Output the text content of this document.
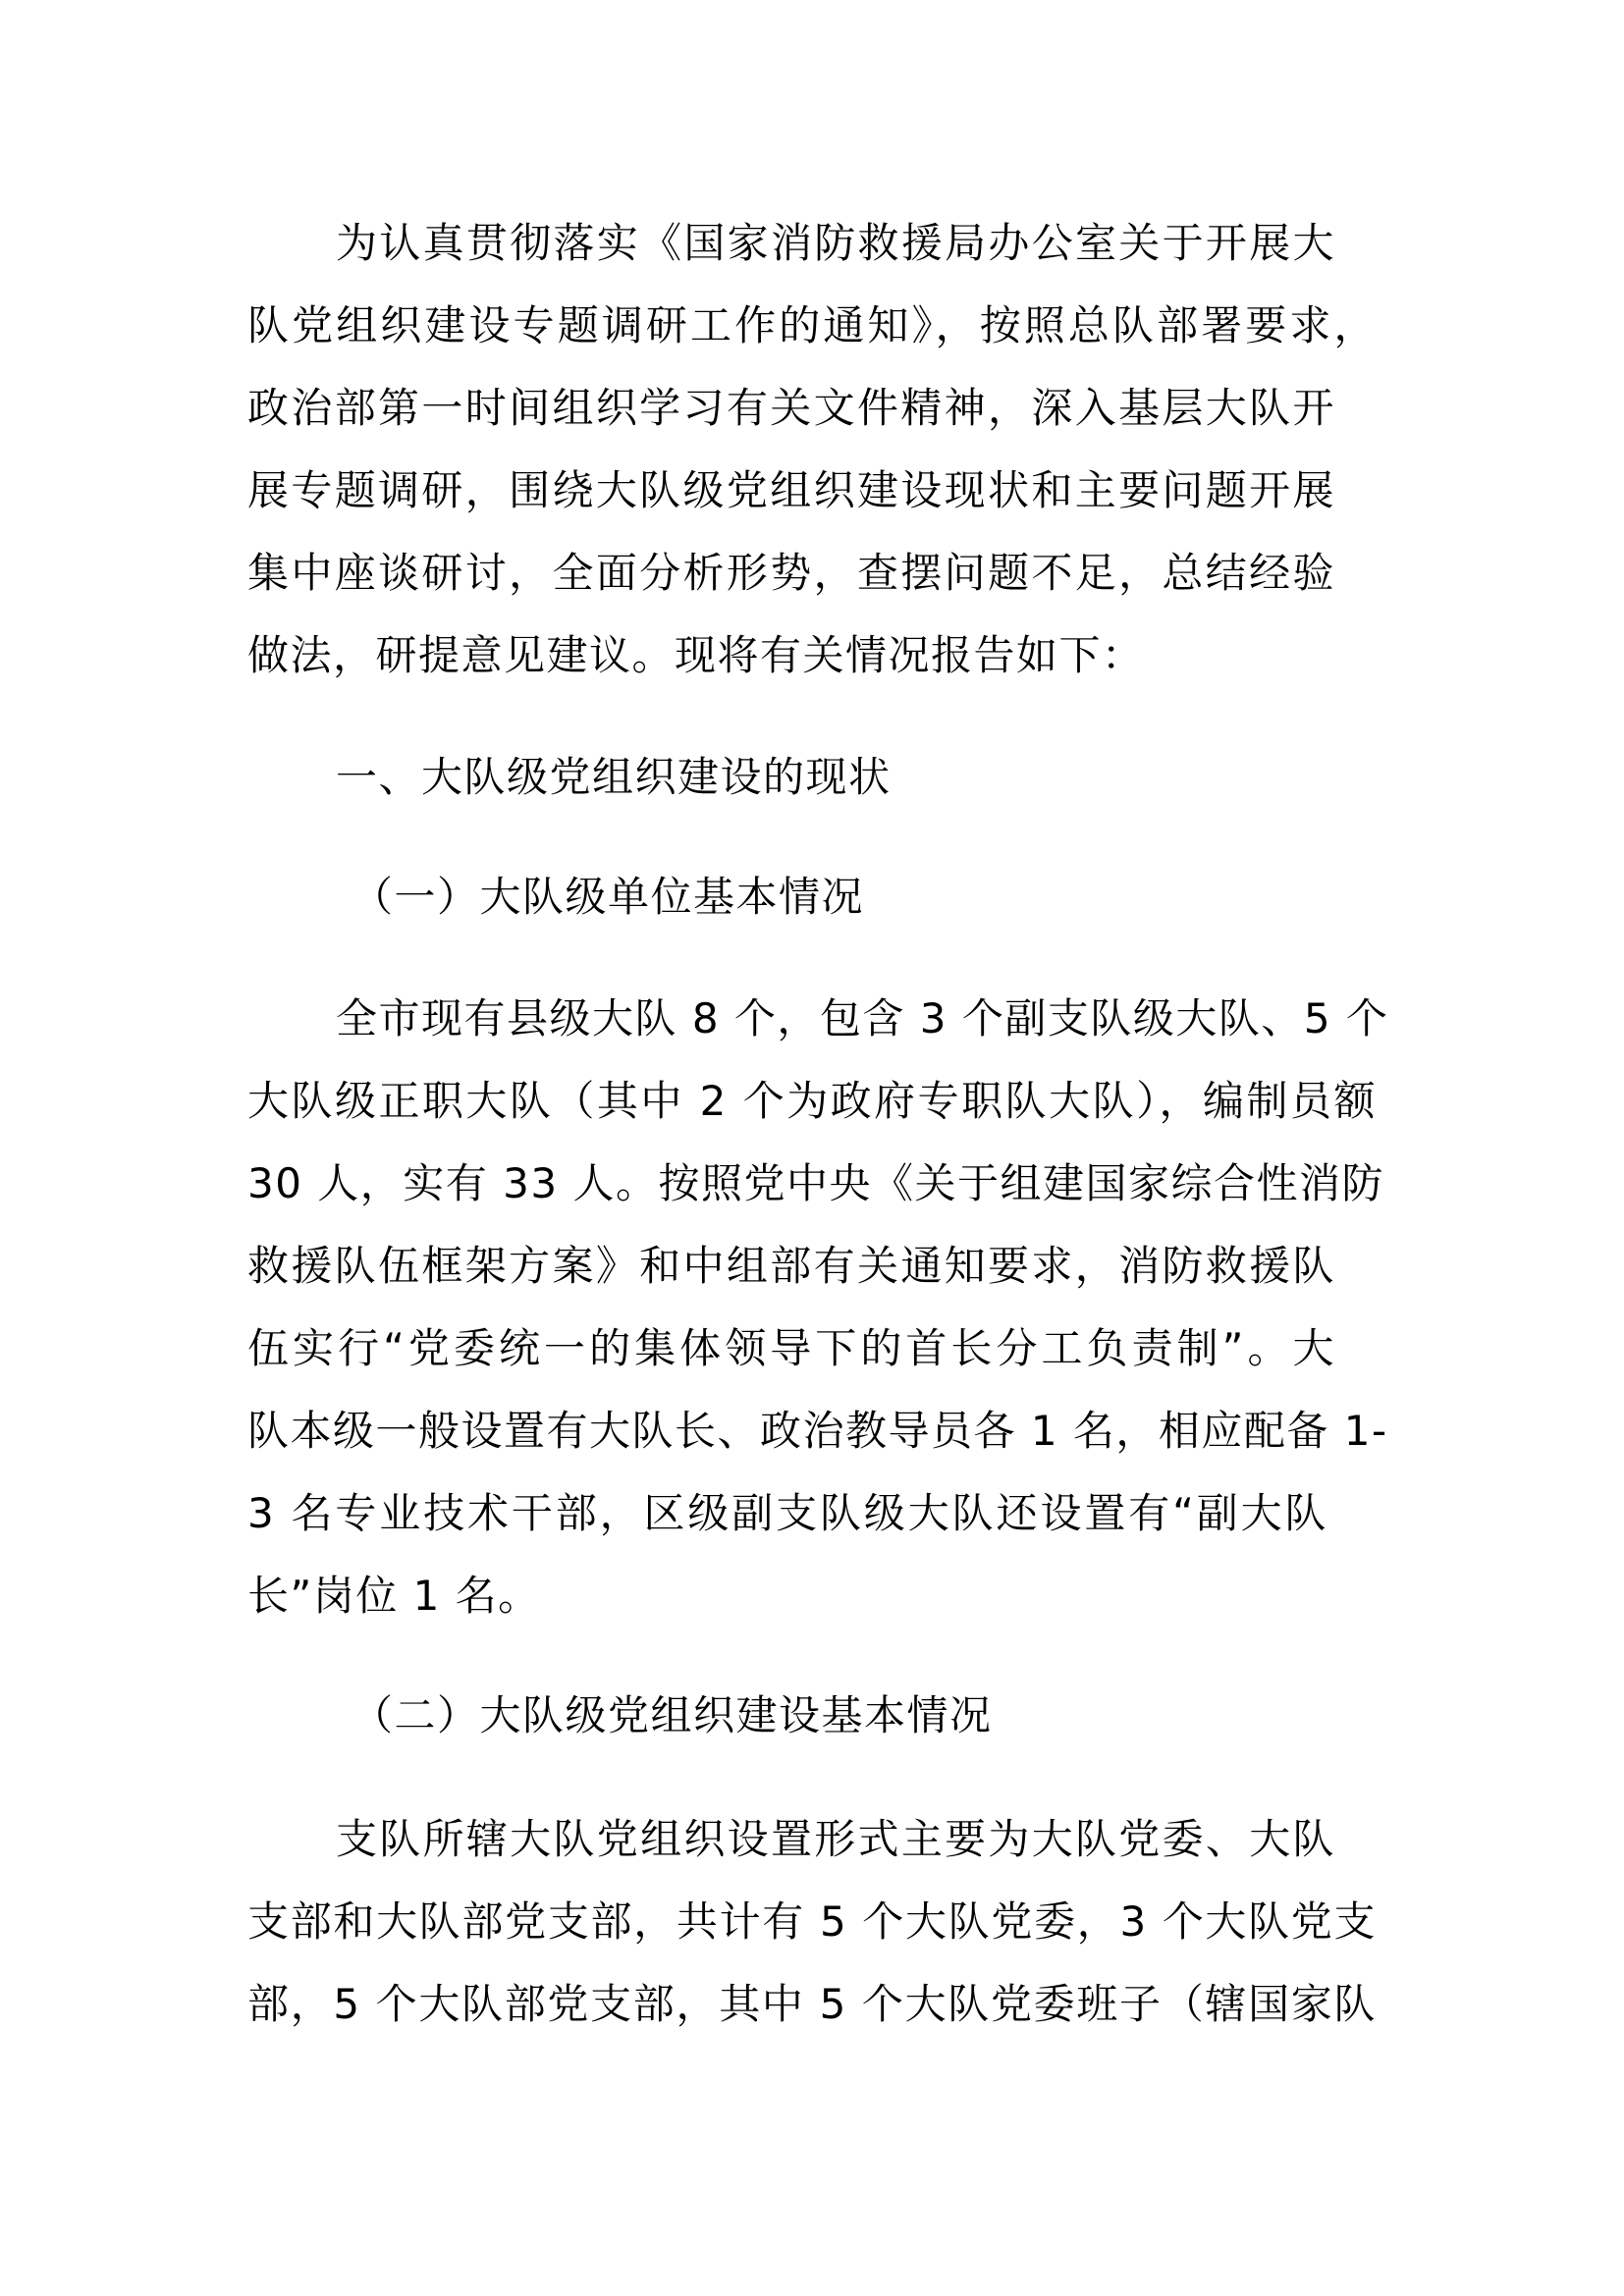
为认真贯彻落实《国家消防救援局办公室关于开展大
队党组织建设专题调研工作的通知》，按照总队部署要求，
政治部第一时间组织学习有关文件精神，深入基层大队开
展专题调研，围绕大队级党组织建设现状和主要问题开展
集中座谈研讨，全面分析形势，查摆问题不足，总结经验
做法，研提意见建议。现将有关情况报告如下：
一、大队级党组织建设的现状
（一）大队级单位基本情况
全市现有县级大队 8 个，包含 3 个副支队级大队、5 个
大队级正职大队（其中 2 个为政府专职队大队），编制员额
30 人，实有 33 人。按照党中央《关于组建国家综合性消防
救援队伍框架方案》和中组部有关通知要求，消防救援队
伍实行“党委统一的集体领导下的首长分工负责制”。大
队本级一般设置有大队长、政治教导员各 1 名，相应配备 1-
3 名专业技术干部，区级副支队级大队还设置有“副大队
长”岗位 1 名。
（二）大队级党组织建设基本情况
支队所辖大队党组织设置形式主要为大队党委、大队
支部和大队部党支部，共计有 5 个大队党委，3 个大队党支
部，5 个大队部党支部，其中 5 个大队党委班子（辖国家队
